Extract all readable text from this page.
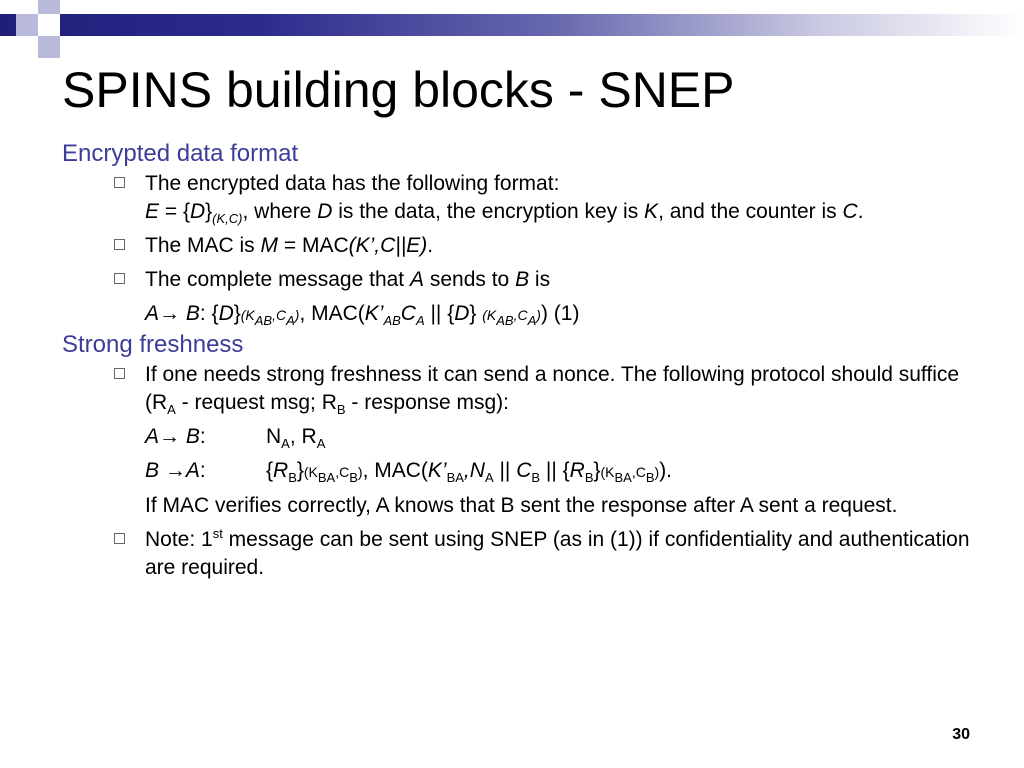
SPINS building blocks - SNEP

Encrypted data format

The encrypted data has the following format:

$E = \{D\}_{(K,C)}$, where D is the data, the encryption key is K, and the counter is C.

The MAC is M = MAC(K’,C||E).

The complete message that A sends to B is

A→ B: $\{D\}(K_{AB},C_A)$, $MAC(K’_{AB}C_A$ || {D} $(K_{AB},C_A)$) (1)

Strong freshness

If one needs strong freshness it can send a nonce. The following protocol should suffice ($R_A$ - request msg; $R_B$ - response msg):

A→ B:	$N_A$, $R_A$

B →A:	$\{R_B\}(K_{BA},C_B)$, $MAC(K’_{BA},N_A$ || $C_B$ || $\{R_B\}(K_{BA},C_B)$).

If MAC verifies correctly, A knows that B sent the response after A sent a request.

Note: 1st message can be sent using SNEP (as in (1)) if confidentiality and authentication are required.

30
